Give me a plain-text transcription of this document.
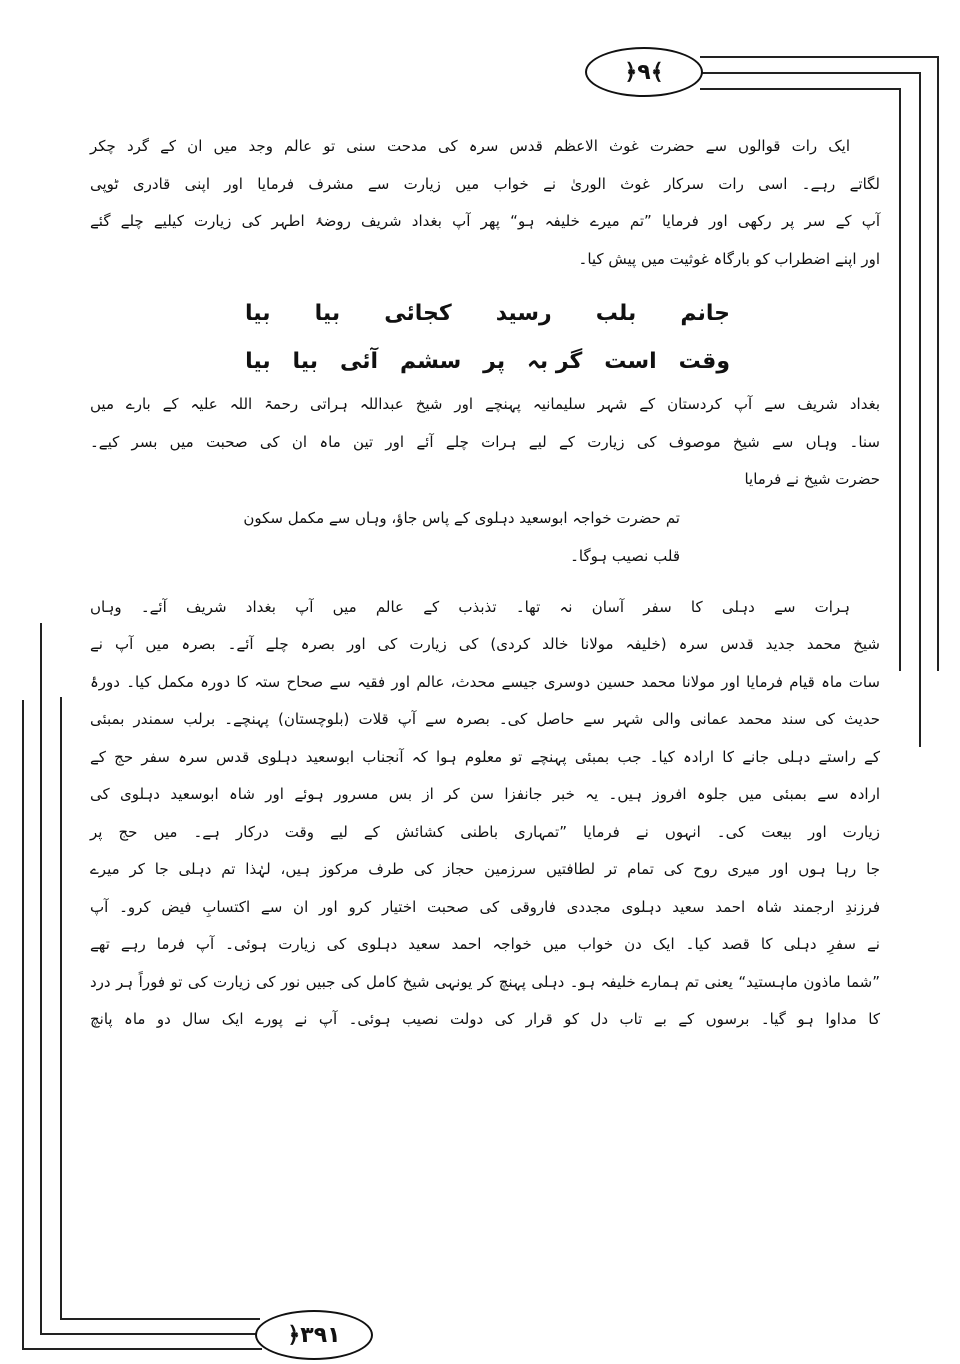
﴾۹﴿
۳۹۱﴿
ایک رات قوالوں سے حضرت غوث الاعظم قدس سرہ کی مدحت سنی تو عالم وجد میں ان کے گرد چکر
لگاتے رہے۔ اسی رات سرکار غوث الوریٰ نے خواب میں زیارت سے مشرف فرمایا اور اپنی قادری ٹوپی
آپ کے سر پر رکھی اور فرمایا ”تم میرے خلیفہ ہو“ پھر آپ بغداد شریف روضۂ اطہر کی زیارت کیلیے چلے گئے
اور اپنے اضطراب کو بارگاہ غوثیت میں پیش کیا۔
جانم
بلب
رسید
کجائی
بیا
بیا
وقت
است
گر بہ
پر
سشم
آئی
بیا
بیا
بغداد شریف سے آپ کردستان کے شہر سلیمانیہ پہنچے اور شیخ عبداللہ ہراتی رحمۃ اللہ علیہ کے بارے میں
سنا۔ وہاں سے شیخ موصوف کی زیارت کے لیے ہرات چلے آئے اور تین ماہ ان کی صحبت میں بسر کیے۔
حضرت شیخ نے فرمایا
تم حضرت خواجہ ابوسعید دہلوی کے پاس جاؤ، وہاں سے مکمل سکون
قلب نصیب ہوگا۔
ہرات سے دہلی کا سفر آسان نہ تھا۔ تذبذب کے عالم میں آپ بغداد شریف آئے۔ وہاں
شیخ محمد جدید قدس سرہ (خلیفہ مولانا خالد کردی) کی زیارت کی اور بصرہ چلے آئے۔ بصرہ میں آپ نے
سات ماہ قیام فرمایا اور مولانا محمد حسین دوسری جیسے محدث، عالم اور فقیہ سے صحاح ستہ کا دورہ مکمل کیا۔ دورۂ
حدیث کی سند محمد عمانی والی شہر سے حاصل کی۔ بصرہ سے آپ قلات (بلوچستان) پہنچے۔ برلب سمندر بمبئی
کے راستے دہلی جانے کا ارادہ کیا۔ جب بمبئی پہنچے تو معلوم ہوا کہ آنجناب ابوسعید دہلوی قدس سرہ سفر حج کے
ارادہ سے بمبئی میں جلوہ افروز ہیں۔ یہ خبر جانفزا سن کر از بس مسرور ہوئے اور شاہ ابوسعید دہلوی کی
زیارت اور بیعت کی۔ انہوں نے فرمایا ”تمہاری باطنی کشائش کے لیے وقت درکار ہے۔ میں حج پر
جا رہا ہوں اور میری روح کی تمام تر لطافتیں سرزمین حجاز کی طرف مرکوز ہیں، لہٰذا تم دہلی جا کر میرے
فرزندِ ارجمند شاہ احمد سعید دہلوی مجددی فاروقی کی صحبت اختیار کرو اور ان سے اکتسابِ فیض کرو۔ آپ
نے سفرِ دہلی کا قصد کیا۔ ایک دن خواب میں خواجہ احمد سعید دہلوی کی زیارت ہوئی۔ آپ فرما رہے تھے
”شما ماذون ماہستید“ یعنی تم ہمارے خلیفہ ہو۔ دہلی پہنچ کر یونہی شیخ کامل کی جبیں نور کی زیارت کی تو فوراً ہر درد
کا مداوا ہو گیا۔ برسوں کے بے تاب دل کو قرار کی دولت نصیب ہوئی۔ آپ نے پورے ایک سال دو ماہ پانچ
